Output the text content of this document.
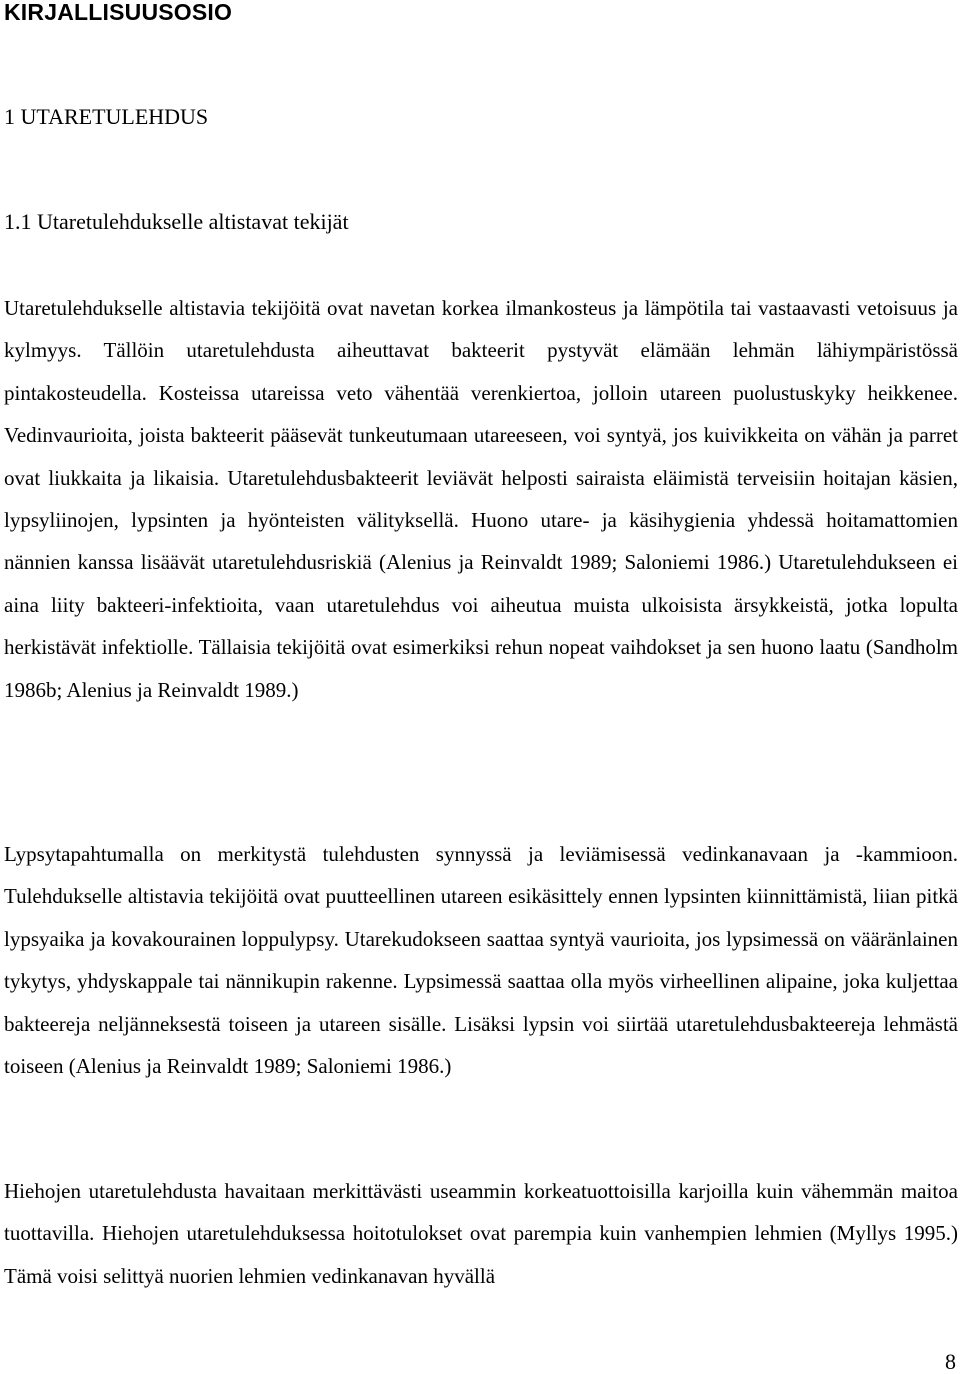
KIRJALLISUUSOSIO
1 UTARETULEHDUS
1.1 Utaretulehdukselle altistavat tekijät

Utaretulehdukselle altistavia tekijöitä ovat navetan korkea ilmankosteus ja lämpötila tai vastaavasti vetoisuus ja kylmyys. Tällöin utaretulehdusta aiheuttavat bakteerit pystyvät elämään lehmän lähiympäristössä pintakosteudella. Kosteissa utareissa veto vähentää verenkiertoa, jolloin utareen puolustuskyky heikkenee. Vedinvaurioita, joista bakteerit pääsevät tunkeutumaan utareeseen, voi syntyä, jos kuivikkeita on vähän ja parret ovat liukkaita ja likaisia. Utaretulehdusbakteerit leviävät helposti sairaista eläimistä terveisiin hoitajan käsien, lypsyliinojen, lypsinten ja hyönteisten välityksellä. Huono utare- ja käsihygienia yhdessä hoitamattomien nännien kanssa lisäävät utaretulehdusriskiä (Alenius ja Reinvaldt 1989; Saloniemi 1986.) Utaretulehdukseen ei aina liity bakteeri-infektioita, vaan utaretulehdus voi aiheutua muista ulkoisista ärsykkeistä, jotka lopulta herkistävät infektiolle. Tällaisia tekijöitä ovat esimerkiksi rehun nopeat vaihdokset ja sen huono laatu (Sandholm 1986b; Alenius ja Reinvaldt 1989.)

Lypsytapahtumalla on merkitystä tulehdusten synnyssä ja leviämisessä vedinkanavaan ja -kammioon. Tulehdukselle altistavia tekijöitä ovat puutteellinen utareen esikäsittely ennen lypsinten kiinnittämistä, liian pitkä lypsyaika ja kovakourainen loppulypsy. Utarekudokseen saattaa syntyä vaurioita, jos lypsimessä on vääränlainen tykytys, yhdyskappale tai nännikupin rakenne. Lypsimessä saattaa olla myös virheellinen alipaine, joka kuljettaa bakteereja neljänneksestä toiseen ja utareen sisälle. Lisäksi lypsin voi siirtää utaretulehdusbakteereja lehmästä toiseen (Alenius ja Reinvaldt 1989; Saloniemi 1986.)

Hiehojen utaretulehdusta havaitaan merkittävästi useammin korkeatuottoisilla karjoilla kuin vähemmän maitoa tuottavilla. Hiehojen utaretulehduksessa hoitotulokset ovat parempia kuin vanhempien lehmien (Myllys 1995.) Tämä voisi selittyä nuorien lehmien vedinkanavan hyvällä

8
